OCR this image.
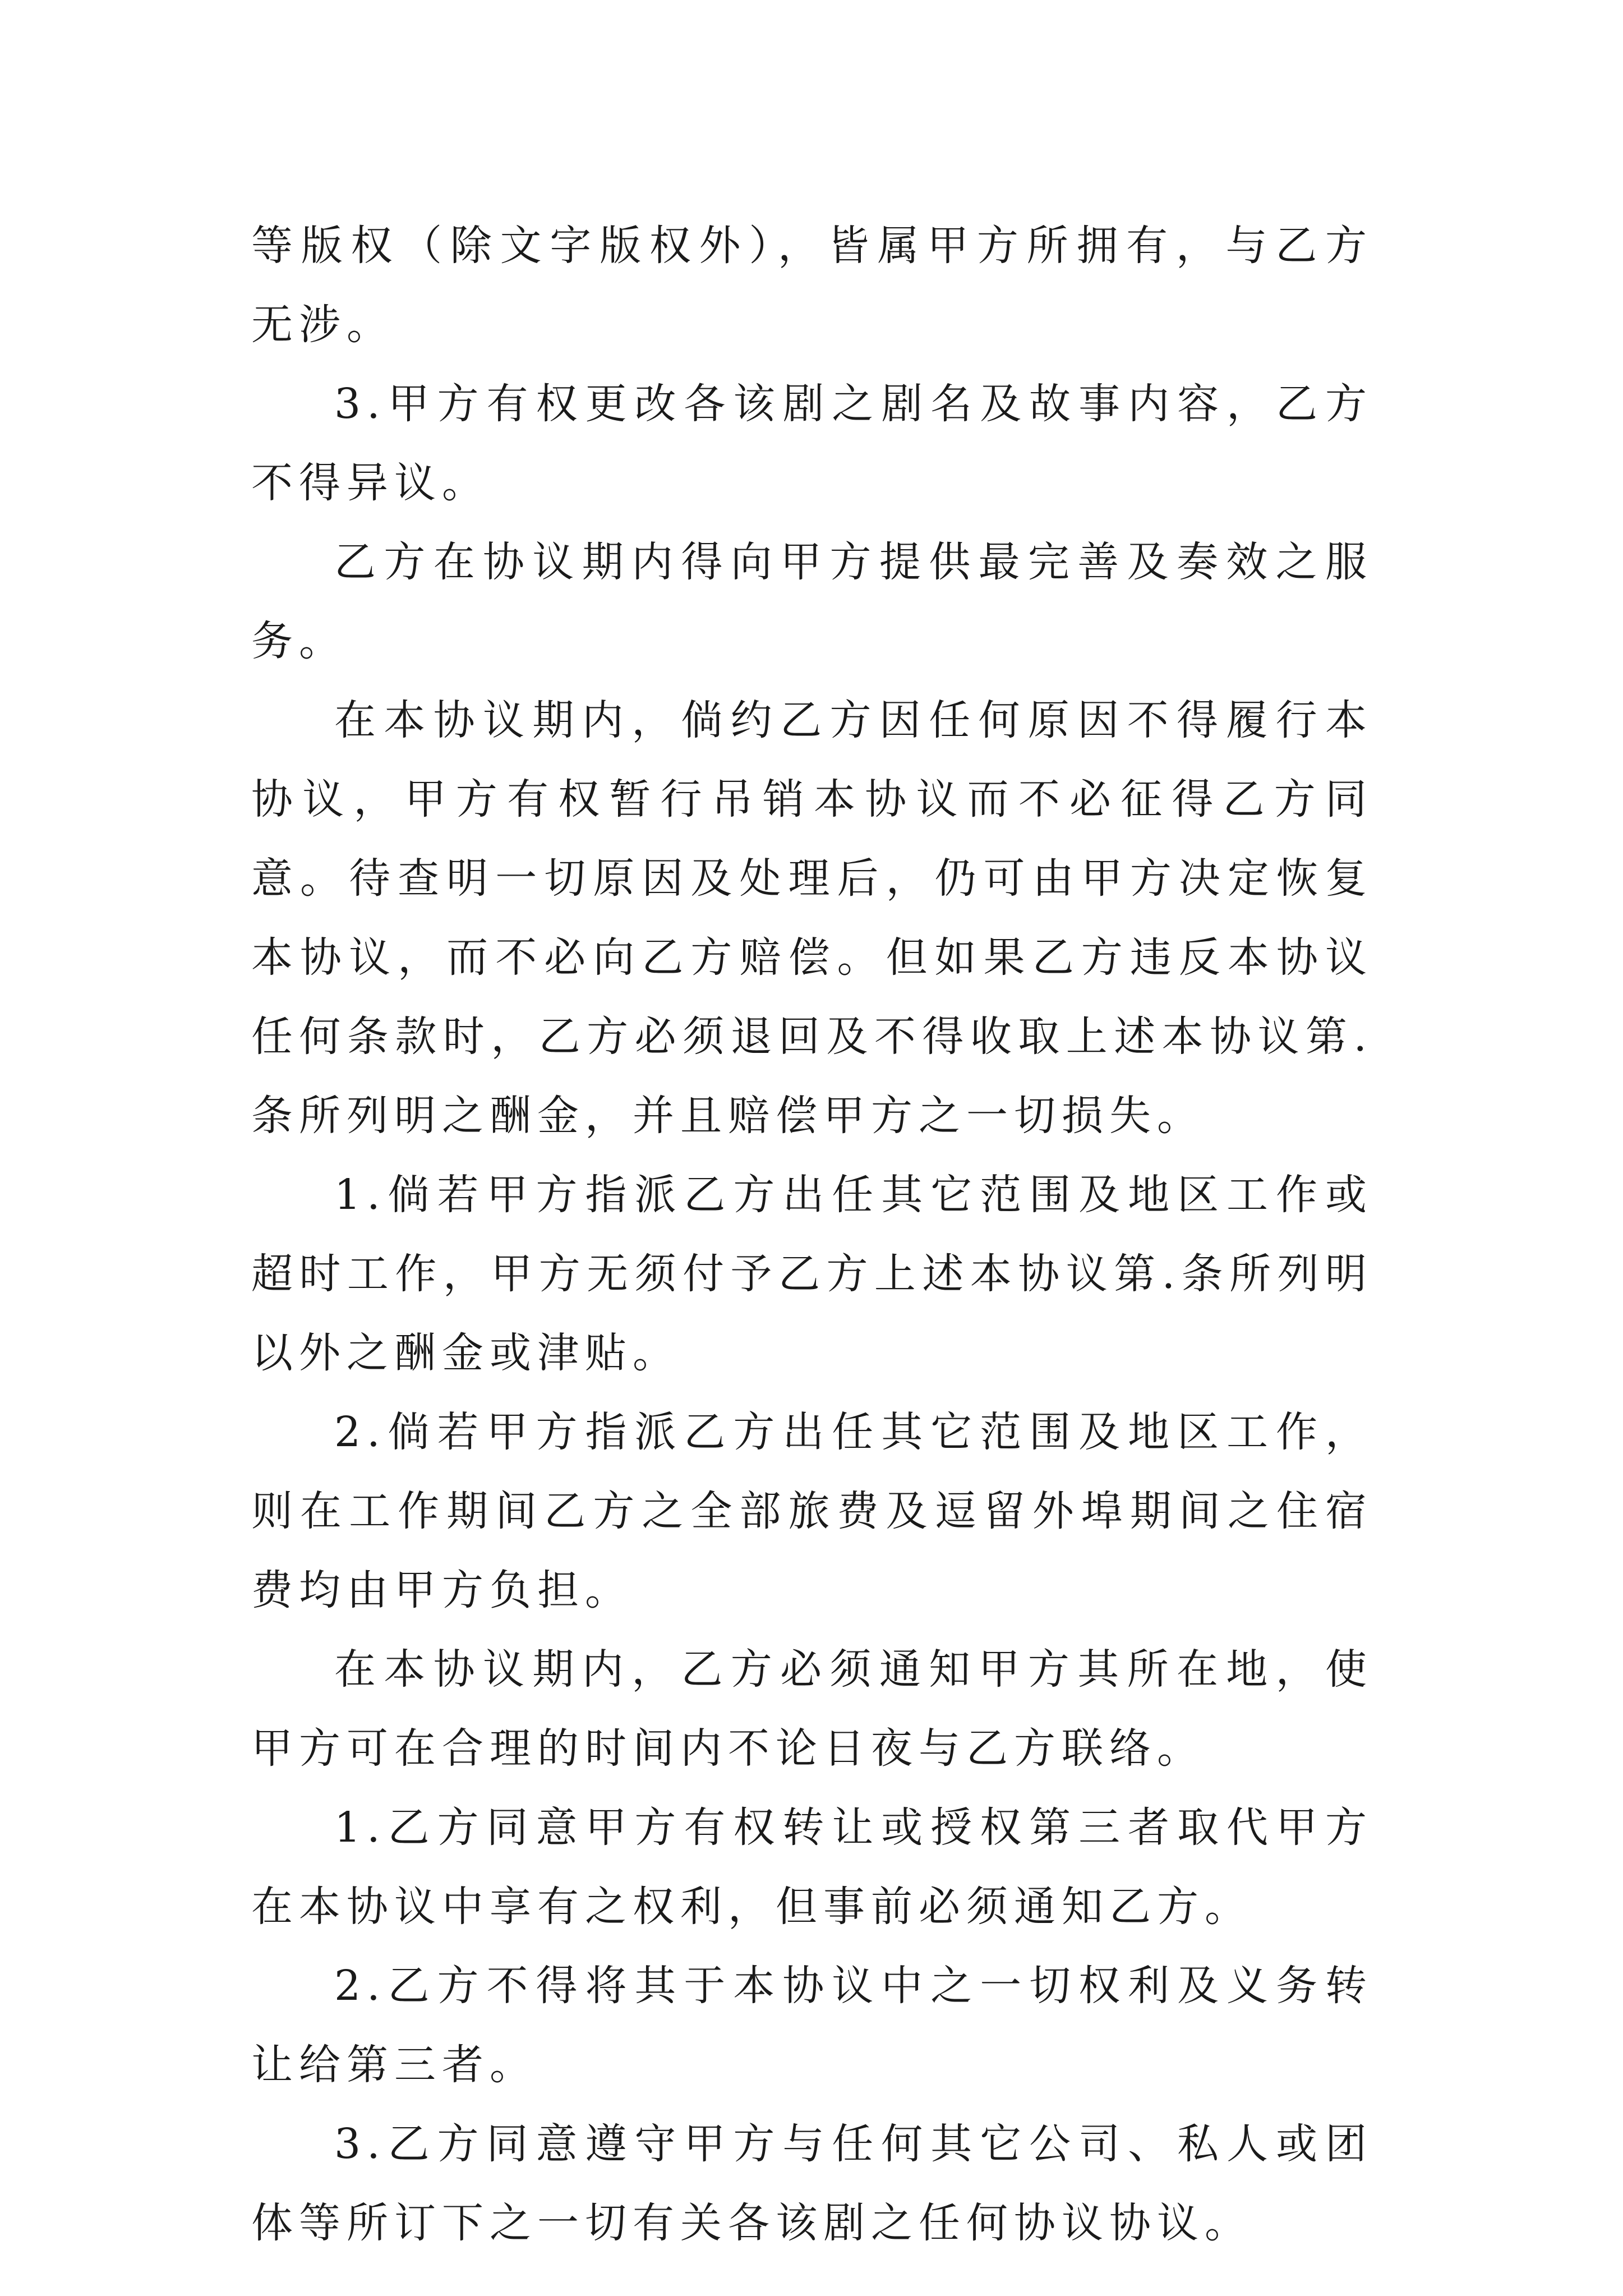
等版权（除文字版权外），皆属甲方所拥有，与乙方无涉。

3.甲方有权更改各该剧之剧名及故事内容，乙方不得异议。

乙方在协议期内得向甲方提供最完善及奏效之服务。

在本协议期内，倘约乙方因任何原因不得履行本协议，甲方有权暂行吊销本协议而不必征得乙方同意。待查明一切原因及处理后，仍可由甲方决定恢复本协议，而不必向乙方赔偿。但如果乙方违反本协议任何条款时，乙方必须退回及不得收取上述本协议第.条所列明之酬金，并且赔偿甲方之一切损失。

1.倘若甲方指派乙方出任其它范围及地区工作或超时工作，甲方无须付予乙方上述本协议第.条所列明以外之酬金或津贴。

2.倘若甲方指派乙方出任其它范围及地区工作，则在工作期间乙方之全部旅费及逗留外埠期间之住宿费均由甲方负担。

在本协议期内，乙方必须通知甲方其所在地，使甲方可在合理的时间内不论日夜与乙方联络。

1.乙方同意甲方有权转让或授权第三者取代甲方在本协议中享有之权利，但事前必须通知乙方。

2.乙方不得将其于本协议中之一切权利及义务转让给第三者。

3.乙方同意遵守甲方与任何其它公司、私人或团体等所订下之一切有关各该剧之任何协议协议。
